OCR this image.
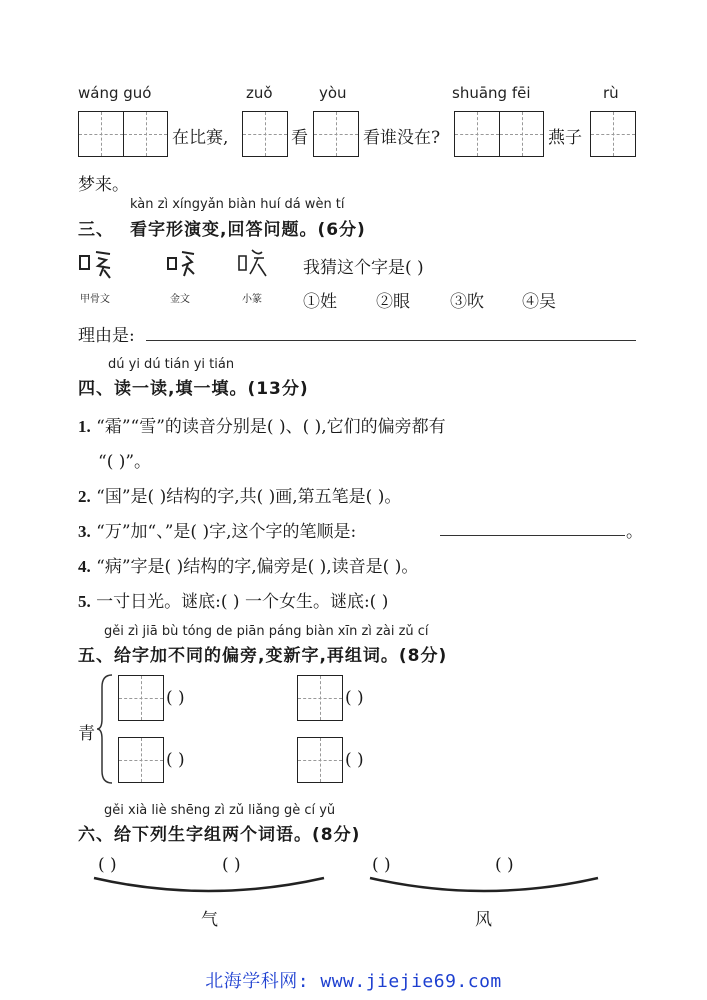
wáng guó	zuǒ	yòu	shuāng fēi	rù
在比赛,	看	看谁没在?	燕子
梦来。
kàn zì xíngyǎn biàn huí dá wèn tí
三、 看字形演变,回答问题。(6分)
甲骨文	金文	小篆
我猜这个字是( )
①姓 ②眼 ③吹 ④吴
理由是:
dú yi dú tián yi tián
四、读一读,填一填。(13分)
1. “霜”“雪”的读音分别是( )、( ),它们的偏旁都有
“( )”。
2. “国”是( )结构的字,共( )画,第五笔是( )。
3. “万”加“、”是( )字,这个字的笔顺是:	。
4. “病”字是( )结构的字,偏旁是( ),读音是( )。
5. 一寸日光。谜底:( ) 一个女生。谜底:( )
gěi zì jiā bù tóng de piān páng biàn xīn zì zài zǔ cí
五、给字加不同的偏旁,变新字,再组词。(8分)
青
( )	( )
( )	( )
gěi xià liè shēng zì zǔ liǎng gè cí yǔ
六、给下列生字组两个词语。(8分)
( )	( )	( )	( )
气	风
北海学科网: www.jiejie69.com
